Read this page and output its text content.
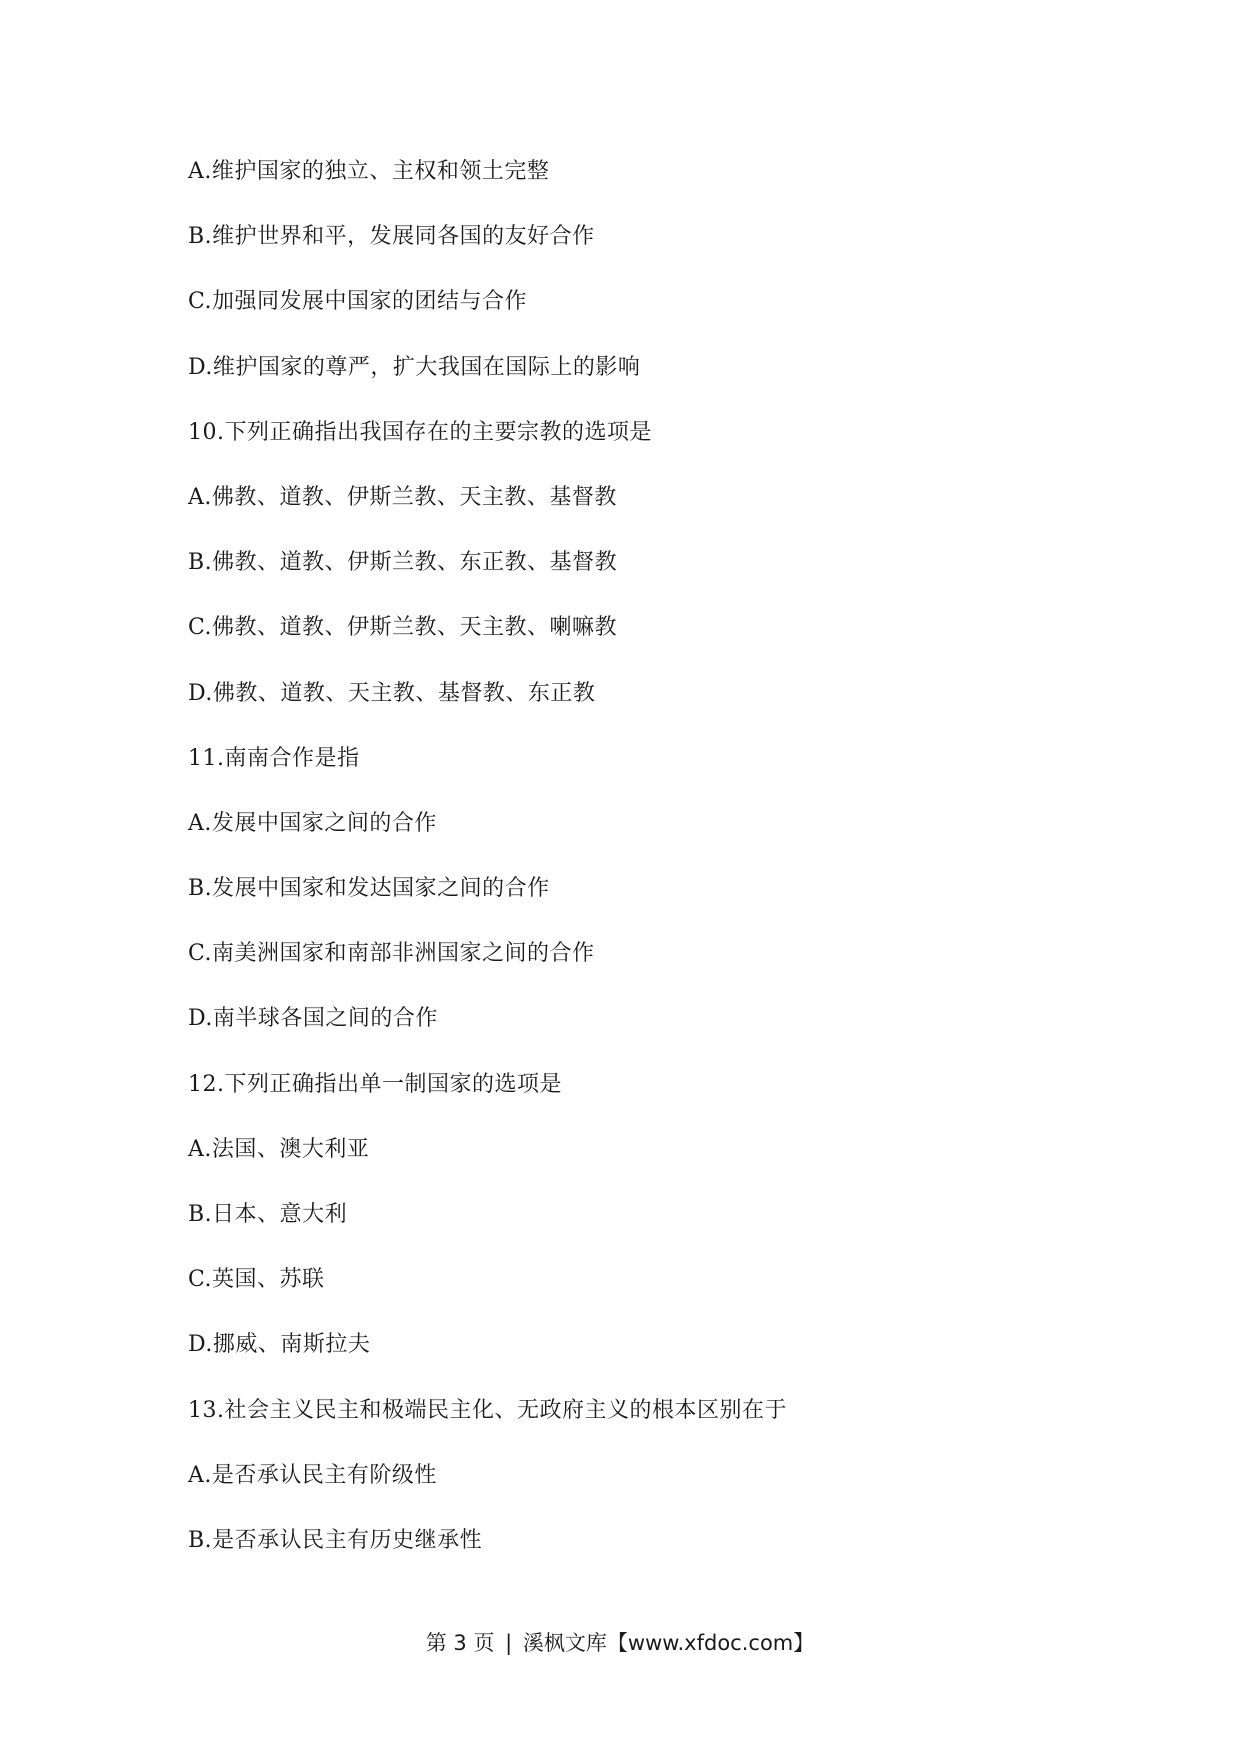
A.维护国家的独立、主权和领土完整
B.维护世界和平，发展同各国的友好合作
C.加强同发展中国家的团结与合作
D.维护国家的尊严，扩大我国在国际上的影响
10.下列正确指出我国存在的主要宗教的选项是
A.佛教、道教、伊斯兰教、天主教、基督教
B.佛教、道教、伊斯兰教、东正教、基督教
C.佛教、道教、伊斯兰教、天主教、喇嘛教
D.佛教、道教、天主教、基督教、东正教
11.南南合作是指
A.发展中国家之间的合作
B.发展中国家和发达国家之间的合作
C.南美洲国家和南部非洲国家之间的合作
D.南半球各国之间的合作
12.下列正确指出单一制国家的选项是
A.法国、澳大利亚
B.日本、意大利
C.英国、苏联
D.挪威、南斯拉夫
13.社会主义民主和极端民主化、无政府主义的根本区别在于
A.是否承认民主有阶级性
B.是否承认民主有历史继承性
第 3 页 | 溪枫文库【www.xfdoc.com】
